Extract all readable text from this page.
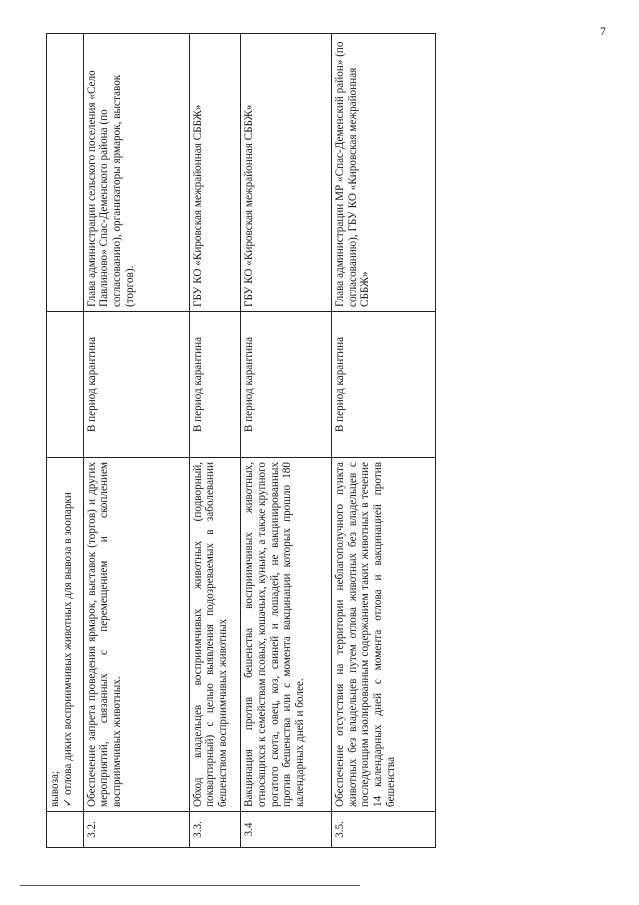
7

	вывоза; ✓отлова диких восприимчивых животных для вывоза в зоопарки		

3.2.	Обеспечение запрета проведения ярмарок, выставок (торгов) и других мероприятий, связанных с перемещением и скоплением восприимчивых животных.	В период карантина	Глава администрации сельского поселения «Село Павлиново» Спас-Деменского района (по согласованию), организаторы ярмарок, выставок (торгов).
3.3.	Обход владельцев восприимчивых животных (подворный, поквартирный) с целью выявления подозреваемых в заболевании бешенством восприимчивых животных	В период карантина	ГБУ КО «Кировская межрайонная СББЖ»
3.4	Вакцинация против бешенства восприимчивых животных, относящихся к семействам псовых, кошачьих, куньих, а также крупного рогатого скота, овец, коз, свиней и лошадей, не вакцинированных против бешенства или с момента вакцинации которых прошло 180 календарных дней и более.	В период карантина	ГБУ КО «Кировская межрайонная СББЖ»
3.5.	Обеспечение отсутствия на территории неблагополучного пункта животных без владельцев путем отлова животных без владельцев с последующим изолированным содержанием таких животных в течение 14 календарных дней с момента отлова и вакцинацией против бешенства	В период карантина	Глава администрации МР «Спас-Деменский район» (по согласованию), ГБУ КО «Кировская межрайонная СББЖ»
